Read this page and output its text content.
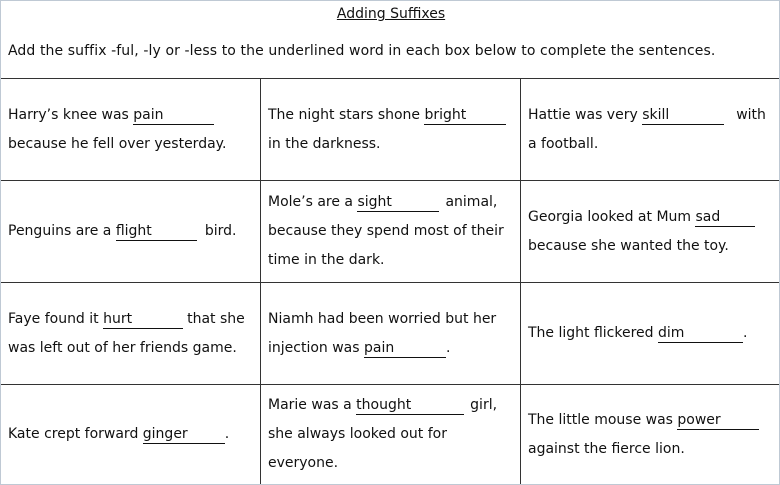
Adding Suffixes
Add the suffix -ful, -ly or -less to the underlined word in each box below to complete the sentences.

Harry’s knee was pain
because he fell over yesterday.

The night stars shone bright
in the darkness.

Hattie was very skill	with
a football.

Penguins are a flight	bird.

Mole’s are a sight	animal,
because they spend most of their time in the dark.

Georgia looked at Mum sad
because she wanted the toy.

Faye found it hurt	that she
was left out of her friends game.

Niamh had been worried but her injection was pain	.

The light flickered dim	.

Kate crept forward ginger	.

Marie was a thought	girl,
she always looked out for everyone.

The little mouse was power
against the fierce lion.
